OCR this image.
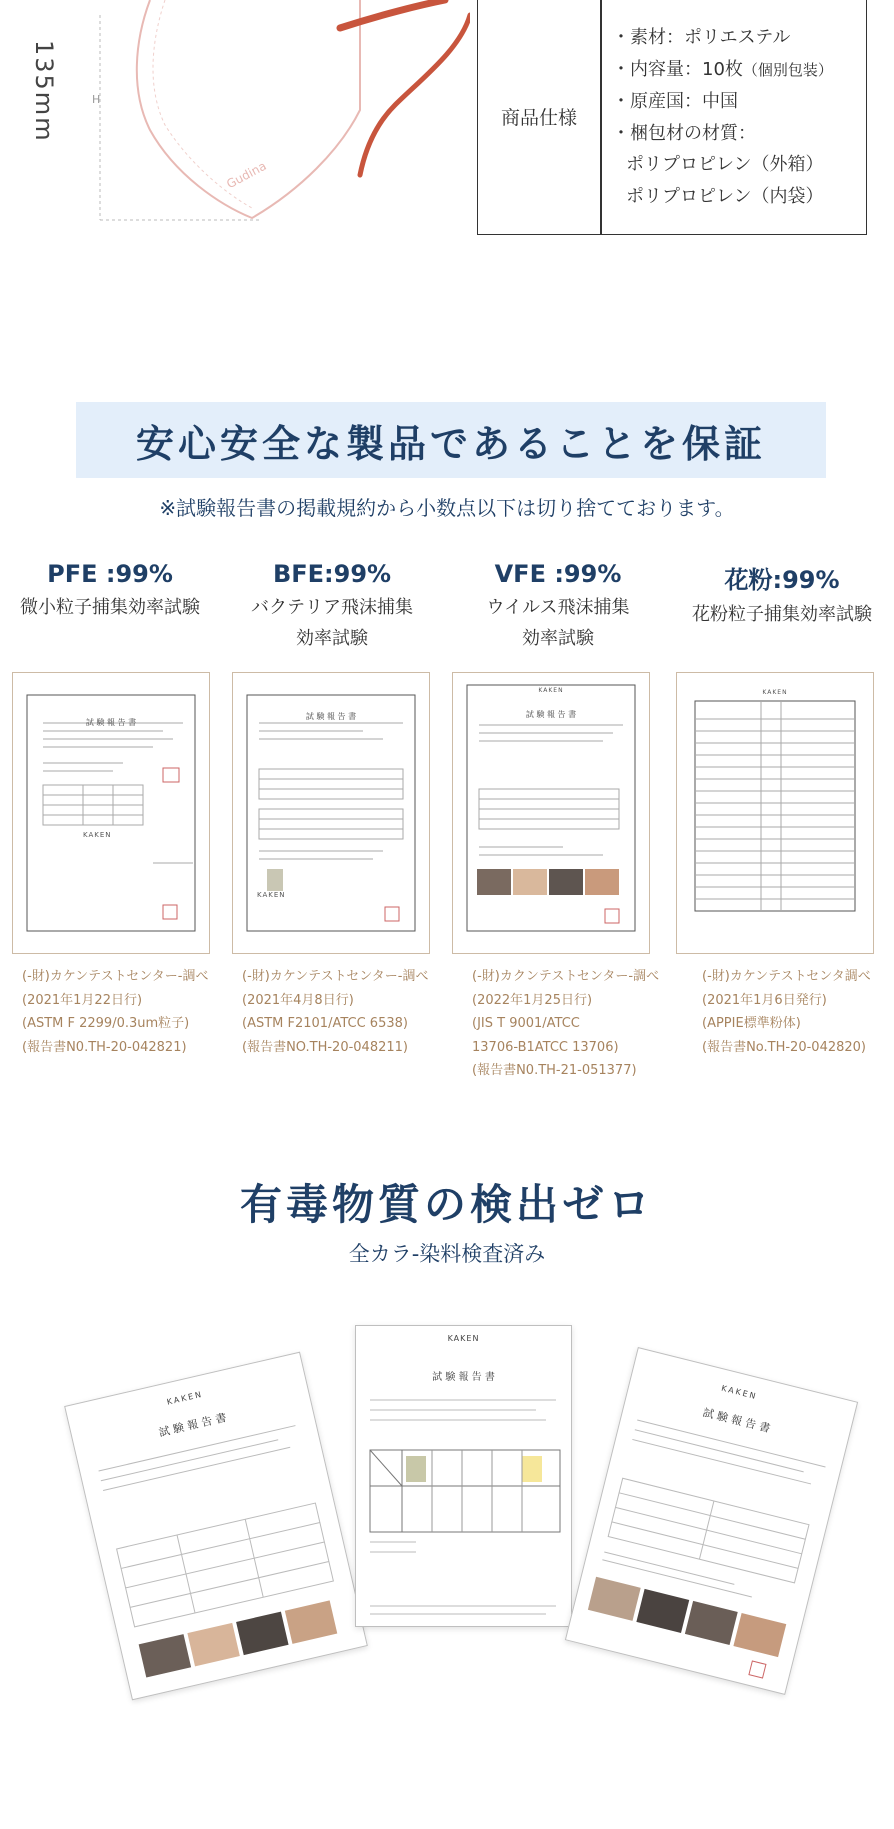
H
Gudina
135mm	商品仕様
・素材：ポリエステル
・内容量：10枚（個別包装）
・原産国：中国
・梱包材の材質：
ポリプロピレン（外箱）
ポリプロピレン（内袋）
安心安全な製品であることを保証
※試験報告書の掲載規約から小数点以下は切り捨てております。
PFE :99%
微小粒子捕集効率試験
BFE:99%
バクテリア飛沫捕集
効率試験
VFE :99%
ウイルス飛沫捕集
効率試験
花粉:99%
花粉粒子捕集効率試験
試 験 報 告 書
KAKEN
試 験 報 告 書
KAKEN
試 験 報 告 書
KAKEN	KAKEN
(-財)カケンテストセンター-調べ
(2021年1月22日行)
(ASTM F 2299/0.3um粒子)
(報告書N0.TH-20-042821)
(-財)カケンテストセンター-調べ
(2021年4月8日行)
(ASTM F2101/ATCC 6538)
(報告書NO.TH-20-048211)
(-財)カクンテストセンター-調べ
(2022年1月25日行)
(JIS T 9001/ATCC
13706-B1ATCC 13706)
(報告書N0.TH-21-051377)
(-財)カケンテストセンタ調べ
(2021年1月6日発行)
(APPIE標準粉体)
(報告書No.TH-20-042820)
有毒物質の検出ゼロ
全カラ-染料検査済み
試 験 報 告 書
KAKEN
KAKEN
試 験 報 告 書
KAKEN
試 験 報 告 書
